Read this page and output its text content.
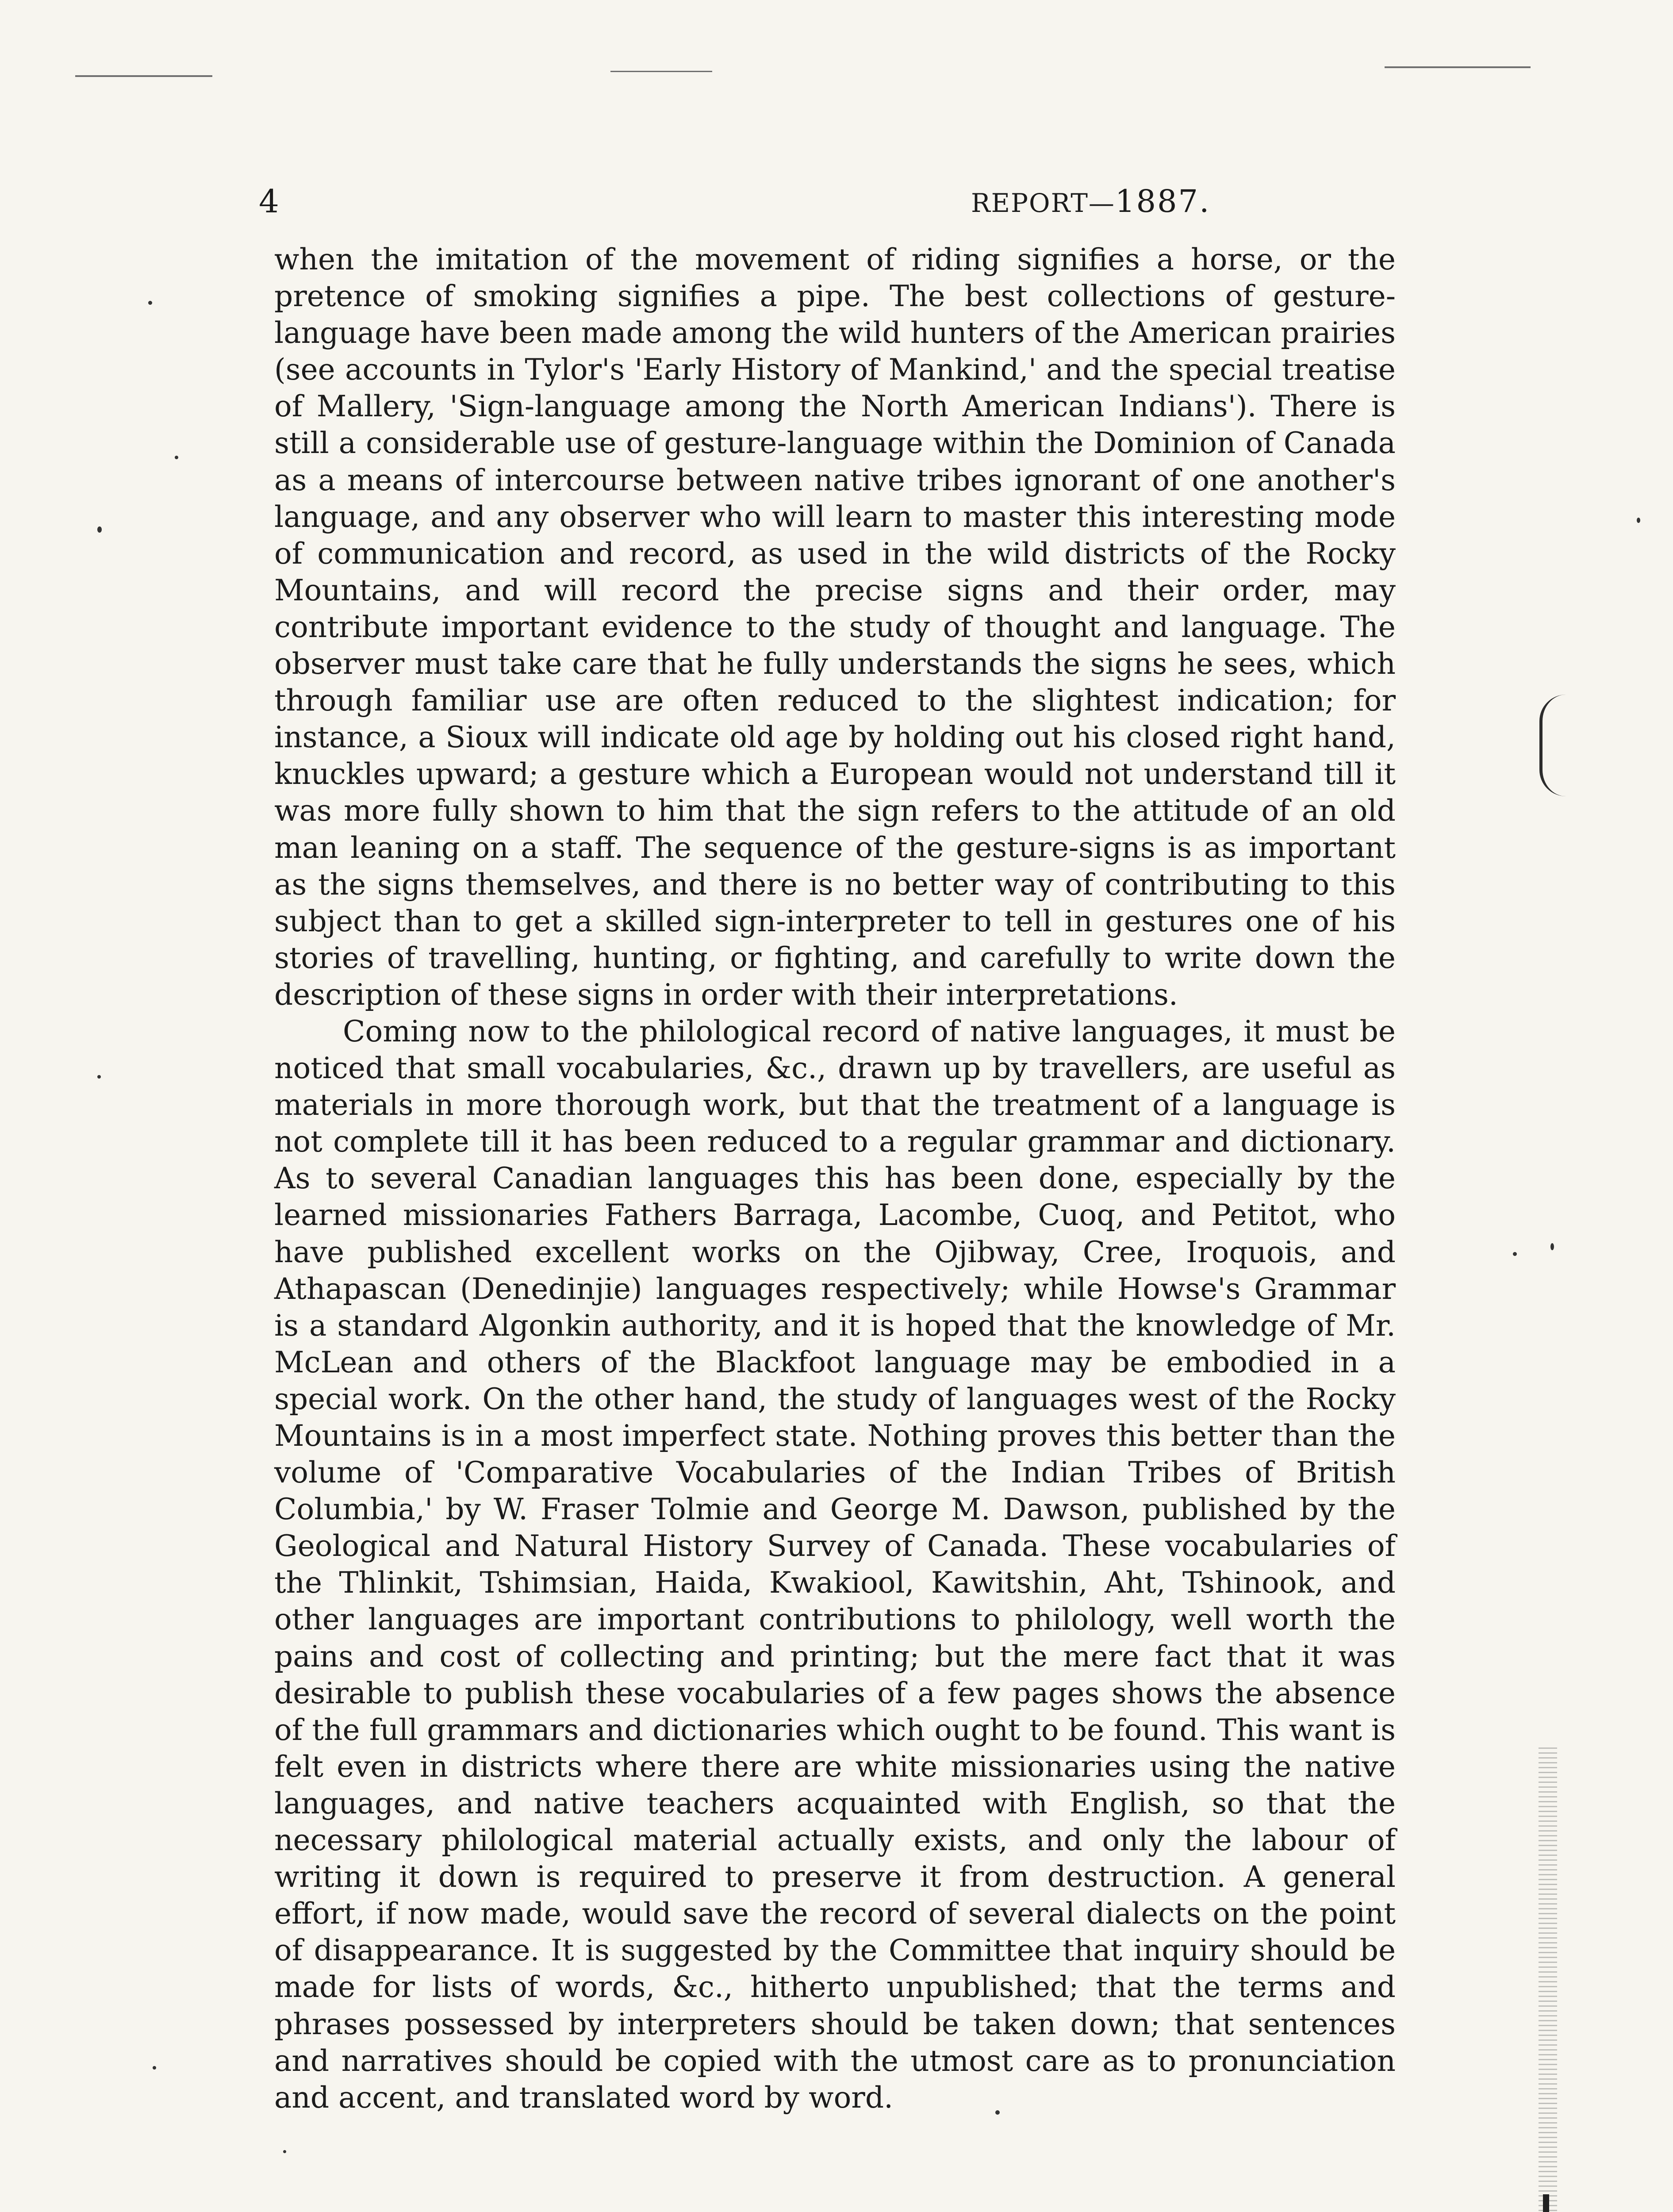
4	REPORT—1887.

when the imitation of the movement of riding signifies a horse, or the pretence of smoking signifies a pipe. The best collections of gesture-language have been made among the wild hunters of the American prairies (see accounts in Tylor's 'Early History of Mankind,' and the special treatise of Mallery, 'Sign-language among the North American Indians'). There is still a considerable use of gesture-language within the Dominion of Canada as a means of intercourse between native tribes ignorant of one another's language, and any observer who will learn to master this interesting mode of communication and record, as used in the wild districts of the Rocky Mountains, and will record the precise signs and their order, may contribute important evidence to the study of thought and language. The observer must take care that he fully understands the signs he sees, which through familiar use are often reduced to the slightest indication; for instance, a Sioux will indicate old age by holding out his closed right hand, knuckles upward; a gesture which a European would not understand till it was more fully shown to him that the sign refers to the attitude of an old man leaning on a staff. The sequence of the gesture-signs is as important as the signs themselves, and there is no better way of contributing to this subject than to get a skilled sign-interpreter to tell in gestures one of his stories of travelling, hunting, or fighting, and carefully to write down the description of these signs in order with their interpretations.

Coming now to the philological record of native languages, it must be noticed that small vocabularies, &c., drawn up by travellers, are useful as materials in more thorough work, but that the treatment of a language is not complete till it has been reduced to a regular grammar and dictionary. As to several Canadian languages this has been done, especially by the learned missionaries Fathers Barraga, Lacombe, Cuoq, and Petitot, who have published excellent works on the Ojibway, Cree, Iroquois, and Athapascan (Denedinjie) languages respectively; while Howse's Grammar is a standard Algonkin authority, and it is hoped that the knowledge of Mr. McLean and others of the Blackfoot language may be embodied in a special work. On the other hand, the study of languages west of the Rocky Mountains is in a most imperfect state. Nothing proves this better than the volume of 'Comparative Vocabularies of the Indian Tribes of British Columbia,' by W. Fraser Tolmie and George M. Dawson, published by the Geological and Natural History Survey of Canada. These vocabularies of the Thlinkit, Tshimsian, Haida, Kwakiool, Kawitshin, Aht, Tshinook, and other languages are important contributions to philology, well worth the pains and cost of collecting and printing; but the mere fact that it was desirable to publish these vocabularies of a few pages shows the absence of the full grammars and dictionaries which ought to be found. This want is felt even in districts where there are white missionaries using the native languages, and native teachers acquainted with English, so that the necessary philological material actually exists, and only the labour of writing it down is required to preserve it from destruction. A general effort, if now made, would save the record of several dialects on the point of disappearance. It is suggested by the Committee that inquiry should be made for lists of words, &c., hitherto unpublished; that the terms and phrases possessed by interpreters should be taken down; that sentences and narratives should be copied with the utmost care as to pronunciation and accent, and translated word by word.
